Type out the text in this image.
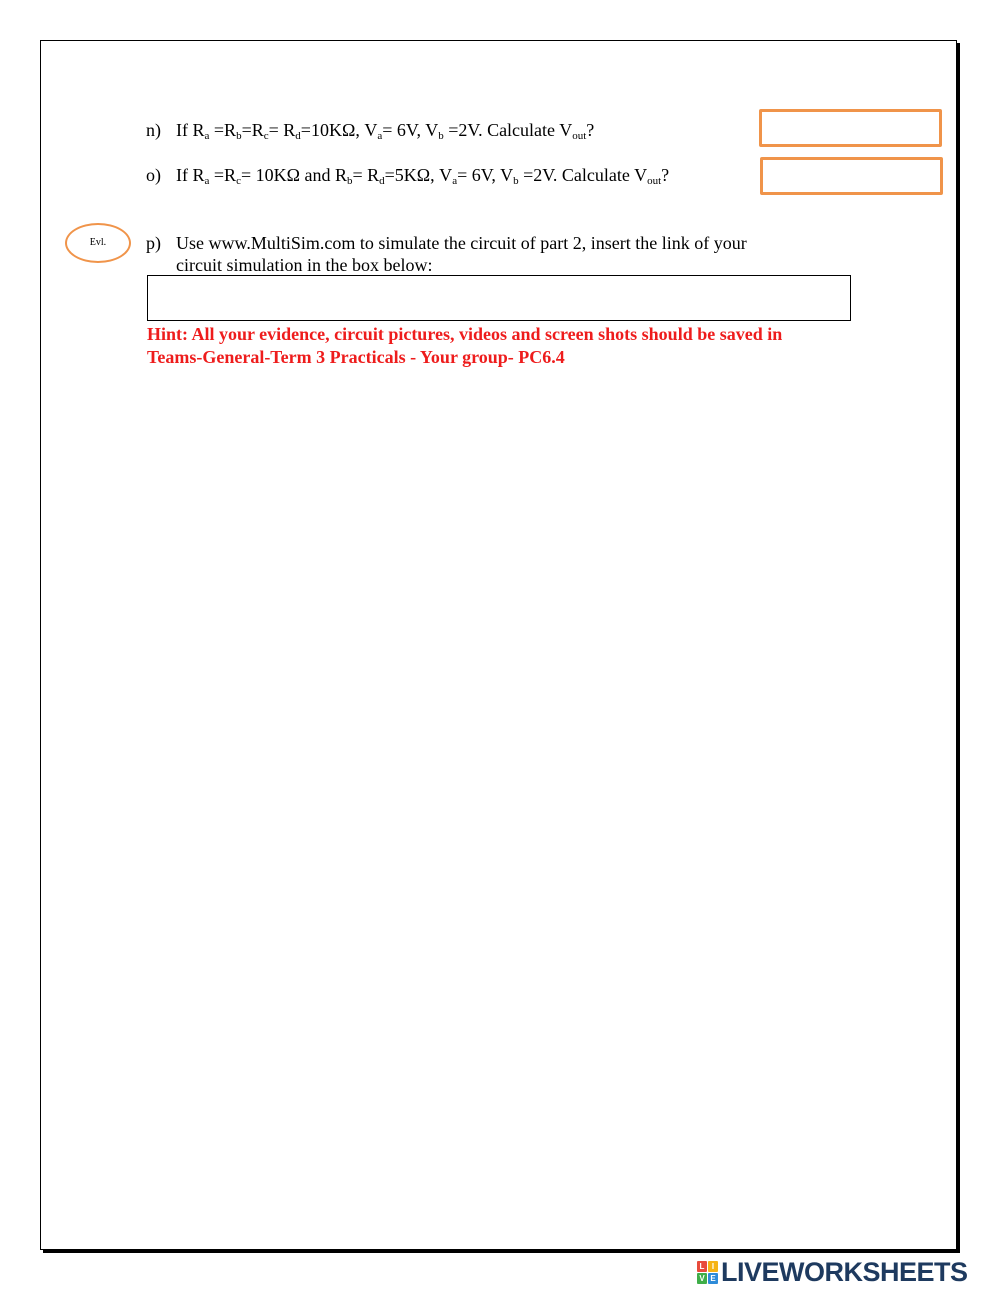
n) If $R_a =R_b=R_c= R_d=10K\Omega$, $V_a= 6V$, $V_b =2V$. Calculate $V_{out}$?
o) If $R_a =R_c= 10K\Omega$ and $R_b= R_d=5K\Omega$, $V_a= 6V$, $V_b =2V$. Calculate $V_{out}$?
Evl.	p) Use www.MultiSim.com to simulate the circuit of part 2, insert the link of your
circuit simulation in the box below:
Hint: All your evidence, circuit pictures, videos and screen shots should be saved in
Teams-General-Term 3 Practicals - Your group- PC6.4
L I
V E LIVEWORKSHEETS
